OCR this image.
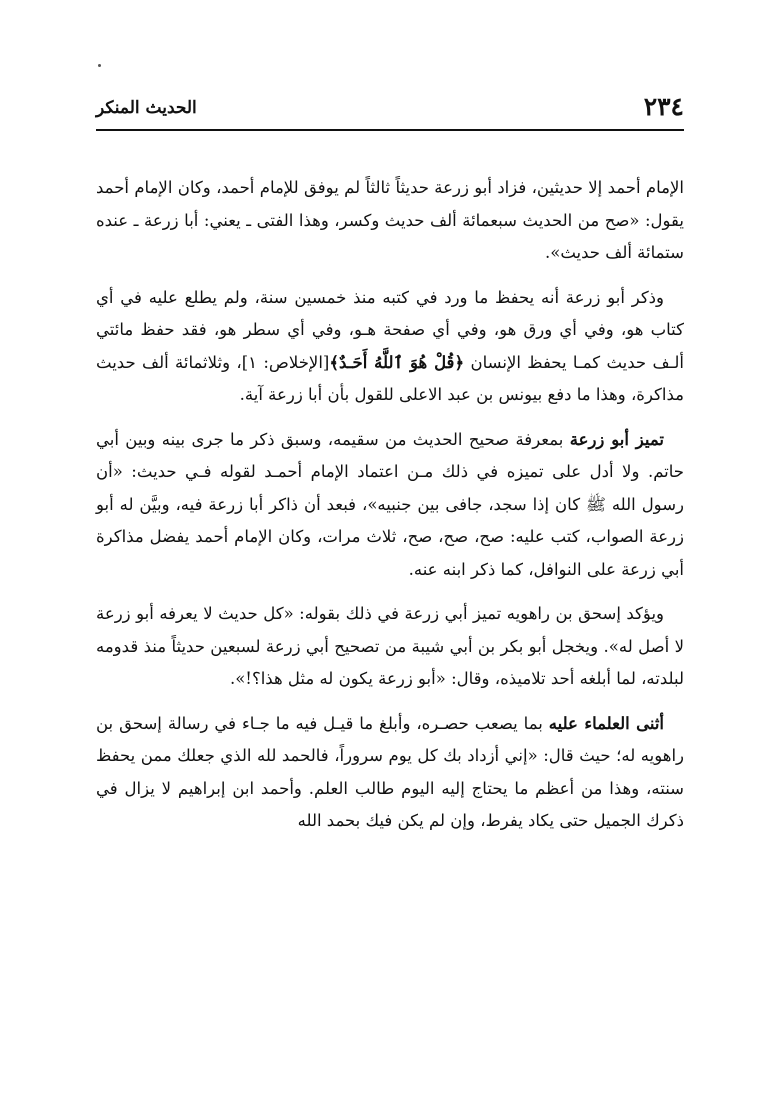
٢٣٤

الحديث المنكر

الإمام أحمد إلا حديثين، فزاد أبو زرعة حديثاً ثالثاً لم يوفق للإمام أحمد، وكان الإمام أحمد يقول: «صح من الحديث سبعمائة ألف حديث وكسر، وهذا الفتى ـ يعني: أبا زرعة ـ عنده ستمائة ألف حديث».

وذكر أبو زرعة أنه يحفظ ما ورد في كتبه منذ خمسين سنة، ولم يطلع عليه في أي كتاب هو، وفي أي ورق هو، وفي أي صفحة هـو، وفي أي سطر هو، فقد حفظ مائتي ألـف حديث كمـا يحفظ الإنسان ﴿قُلْ هُوَ ٱللَّهُ أَحَـدٌ﴾[الإخلاص: ١]، وثلاثمائة ألف حديث مذاكرة، وهذا ما دفع بيونس بن عبد الاعلى للقول بأن أبا زرعة آية.

تميز أبو زرعة بمعرفة صحيح الحديث من سقيمه، وسبق ذكر ما جرى بينه وبين أبي حاتم. ولا أدل على تميزه في ذلك مـن اعتماد الإمام أحمـد لقوله فـي حديث: «أن رسول الله ﷺ كان إذا سجد، جافى بين جنبيه»، فبعد أن ذاكر أبا زرعة فيه، وبيَّن له أبو زرعة الصواب، كتب عليه: صح، صح، صح، ثلاث مرات، وكان الإمام أحمد يفضل مذاكرة أبي زرعة على النوافل، كما ذكر ابنه عنه.

ويؤكد إسحق بن راهويه تميز أبي زرعة في ذلك بقوله: «كل حديث لا يعرفه أبو زرعة لا أصل له». ويخجل أبو بكر بن أبي شيبة من تصحيح أبي زرعة لسبعين حديثاً منذ قدومه لبلدته، لما أبلغه أحد تلاميذه، وقال: «أبو زرعة يكون له مثل هذا؟!».

أثنى العلماء عليه بما يصعب حصـره، وأبلغ ما قيـل فيه ما جـاء في رسالة إسحق بن راهويه له؛ حيث قال: «إني أزداد بك كل يوم سروراً، فالحمد لله الذي جعلك ممن يحفظ سنته، وهذا من أعظم ما يحتاج إليه اليوم طالب العلم. وأحمد ابن إبراهيم لا يزال في ذكرك الجميل حتى يكاد يفرط، وإن لم يكن فيك بحمد الله
